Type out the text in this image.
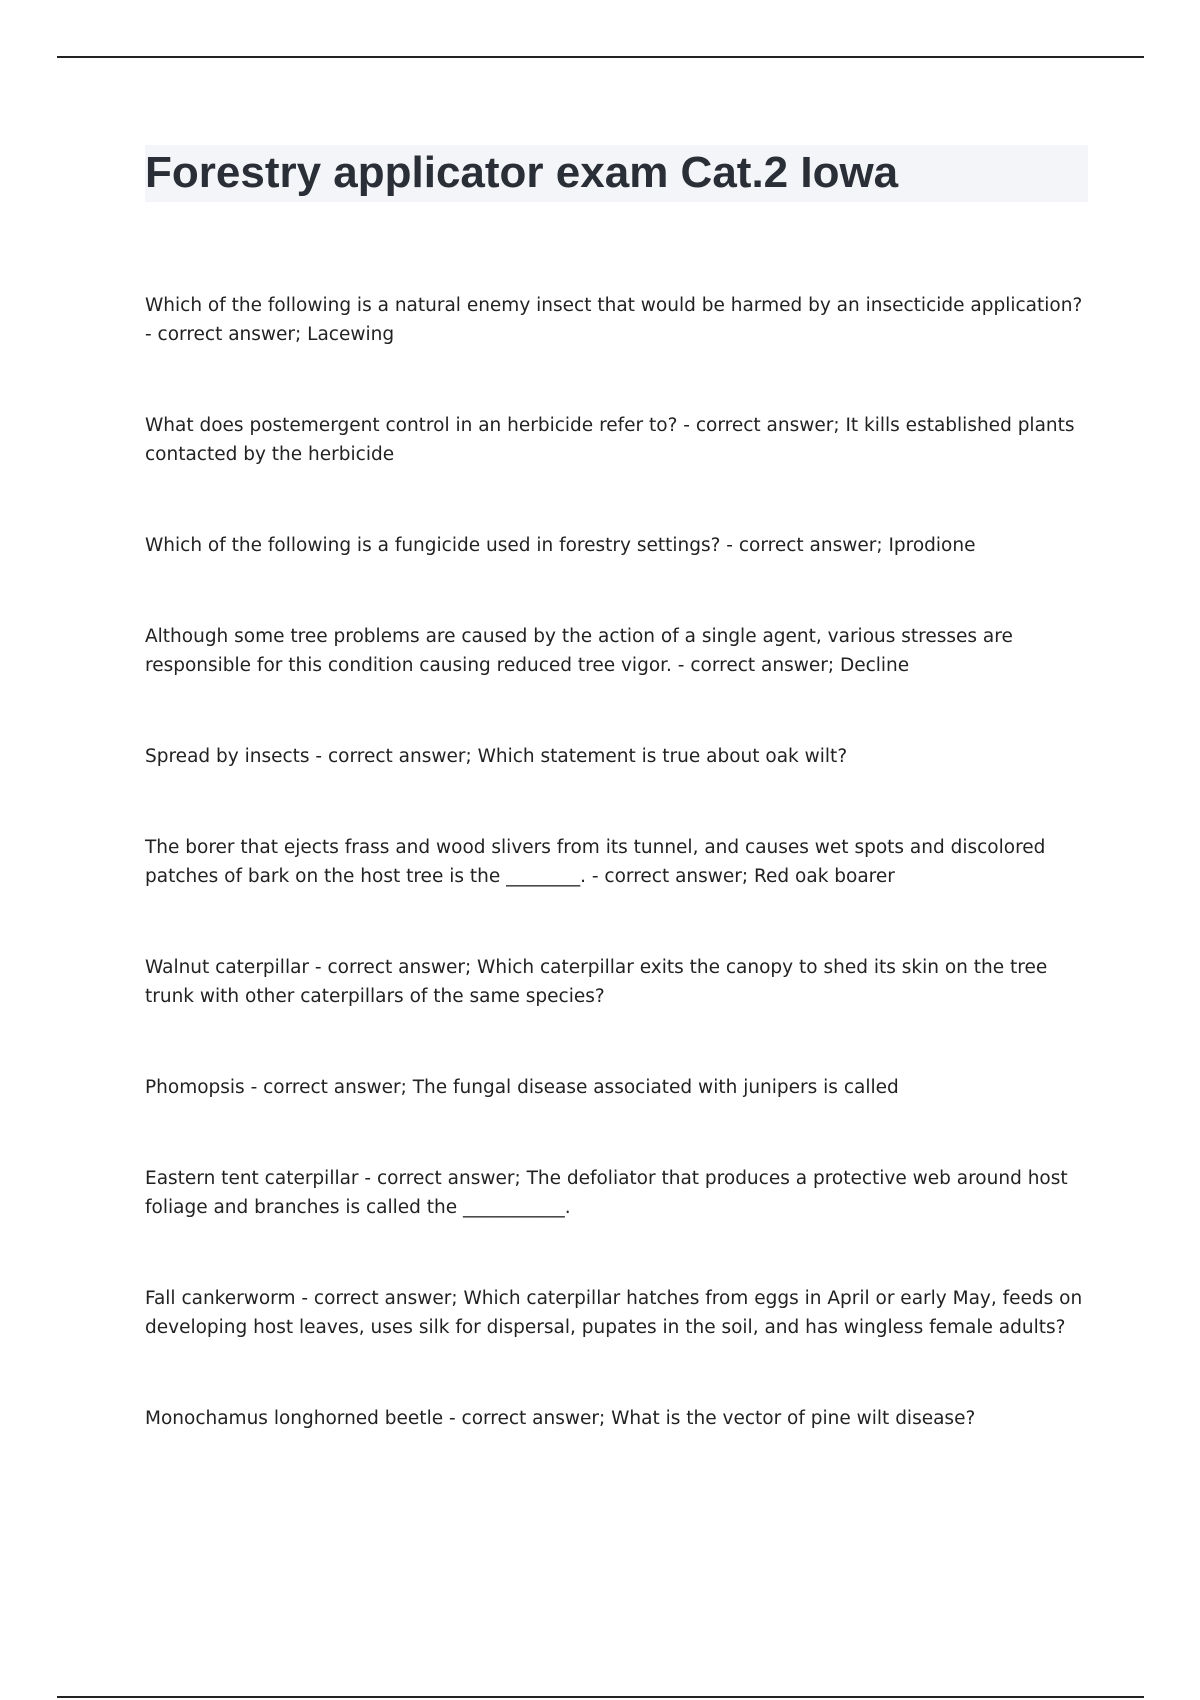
Forestry applicator exam Cat.2 Iowa

Which of the following is a natural enemy insect that would be harmed by an insecticide application? - correct answer; Lacewing

What does postemergent control in an herbicide refer to? - correct answer; It kills established plants contacted by the herbicide

Which of the following is a fungicide used in forestry settings? - correct answer; Iprodione

Although some tree problems are caused by the action of a single agent, various stresses are responsible for this condition causing reduced tree vigor. - correct answer; Decline

Spread by insects - correct answer; Which statement is true about oak wilt?

The borer that ejects frass and wood slivers from its tunnel, and causes wet spots and discolored patches of bark on the host tree is the ________. - correct answer; Red oak boarer

Walnut caterpillar - correct answer; Which caterpillar exits the canopy to shed its skin on the tree trunk with other caterpillars of the same species?

Phomopsis - correct answer; The fungal disease associated with junipers is called

Eastern tent caterpillar - correct answer; The defoliator that produces a protective web around host foliage and branches is called the ___________.

Fall cankerworm - correct answer; Which caterpillar hatches from eggs in April or early May, feeds on developing host leaves, uses silk for dispersal, pupates in the soil, and has wingless female adults?

Monochamus longhorned beetle - correct answer; What is the vector of pine wilt disease?
